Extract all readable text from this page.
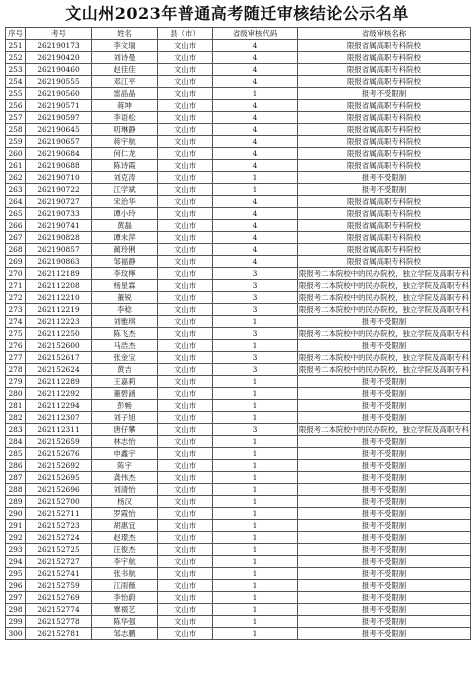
文山州2023年普通高考随迁审核结论公示名单
序号	考号	姓名	县（市）	省级审核代码	省级审核名称
251	262190173	李文瑞	文山市	4	限报省属高职专科院校
252	262190420	刘诗曼	文山市	4	限报省属高职专科院校
253	262190460	赵佳佳	文山市	4	限报省属高职专科院校
254	262190555	邓江平	文山市	4	限报省属高职专科院校
255	262190560	雷晶晶	文山市	1	报考不受限制
256	262190571	蒋坤	文山市	4	限报省属高职专科院校
257	262190597	李语松	文山市	4	限报省属高职专科院校
258	262190645	叨琳静	文山市	4	限报省属高职专科院校
259	262190657	蒋宇航	文山市	4	限报省属高职专科院校
260	262190684	何仁龙	文山市	4	限报省属高职专科院校
261	262190688	陈诗霞	文山市	4	限报省属高职专科院校
262	262190710	刘克涛	文山市	1	报考不受限制
263	262190722	江学斌	文山市	1	报考不受限制
264	262190727	宋治华	文山市	4	限报省属高职专科院校
265	262190733	谭小玲	文山市	4	限报省属高职专科院校
266	262190741	黄磊	文山市	4	限报省属高职专科院校
267	262190828	谭未萍	文山市	4	限报省属高职专科院校
268	262190857	蔺玲俐	文山市	4	限报省属高职专科院校
269	262190863	邹福静	文山市	4	限报省属高职专科院校
270	262112189	李玟檸	文山市	3	限报考二本院校中的民办院校，独立学院及高职专科
271	262112208	杨星霖	文山市	3	限报考二本院校中的民办院校，独立学院及高职专科
272	262112210	董锐	文山市	3	限报考二本院校中的民办院校，独立学院及高职专科
273	262112219	李稔	文山市	3	限报考二本院校中的民办院校，独立学院及高职专科
274	262112223	刘雅琪	文山市	1	报考不受限制
275	262112250	陈飞杰	文山市	3	限报考二本院校中的民办院校，独立学院及高职专科
276	262152600	马浩杰	文山市	1	报考不受限制
277	262152617	张金宝	文山市	3	限报考二本院校中的民办院校，独立学院及高职专科
278	262152624	黄吉	文山市	3	限报考二本院校中的民办院校，独立学院及高职专科
279	262112289	王嘉莉	文山市	1	报考不受限制
280	262112292	董碧涵	文山市	1	报考不受限制
281	262112294	彭畅	文山市	1	报考不受限制
282	262112307	刘子旭	文山市	1	报考不受限制
283	262112311	唐仔攀	文山市	3	限报考二本院校中的民办院校，独立学院及高职专科
284	262152659	林志怡	文山市	1	报考不受限制
285	262152676	申鑫宇	文山市	1	报考不受限制
286	262152692	陈宇	文山市	1	报考不受限制
287	262152695	龚伟杰	文山市	1	报考不受限制
288	262152696	刘清怡	文山市	1	报考不受限制
289	262152700	杨汉	文山市	1	报考不受限制
290	262152711	罗霞怡	文山市	1	报考不受限制
291	262152723	胡惠宜	文山市	1	报考不受限制
292	262152724	赵璟杰	文山市	1	报考不受限制
293	262152725	汪俊杰	文山市	1	报考不受限制
294	262152727	李宇航	文山市	1	报考不受限制
295	262152741	张书航	文山市	1	报考不受限制
296	262152759	江雨薇	文山市	1	报考不受限制
297	262152769	李怡蔚	文山市	1	报考不受限制
298	262152774	覃裰艺	文山市	1	报考不受限制
299	262152778	陈华强	文山市	1	报考不受限制
300	262152781	邹志鹏	文山市	1	报考不受限制
